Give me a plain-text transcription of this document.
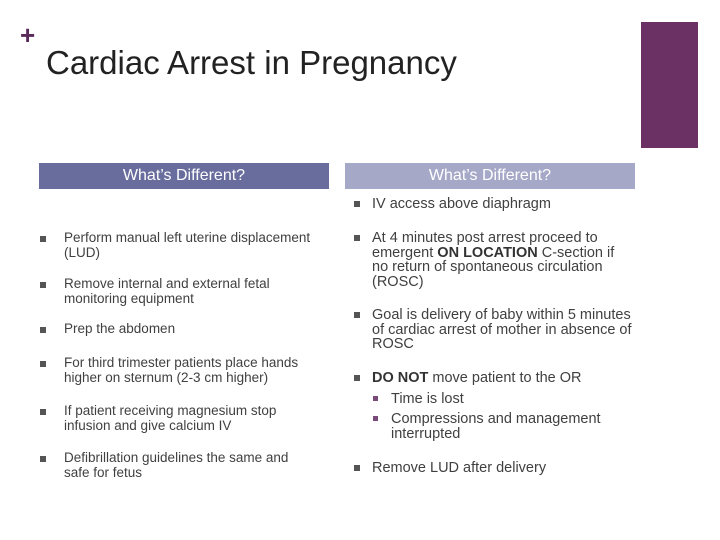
+
Cardiac Arrest in Pregnancy
What’s Different?	What’s Different?
Perform manual left uterine displacement (LUD)
Remove internal and external fetal monitoring equipment
Prep the abdomen
For third trimester patients place hands higher on sternum (2-3 cm higher)
If patient receiving magnesium stop infusion and give calcium IV
Defibrillation guidelines the same and safe for fetus
IV access above diaphragm
At 4 minutes post arrest proceed to emergent ON LOCATION C-section if no return of spontaneous circulation (ROSC)
Goal is delivery of baby within 5 minutes of cardiac arrest of mother in absence of ROSC
DO NOT move patient to the OR
Time is lost
Compressions and management interrupted
Remove LUD after delivery
